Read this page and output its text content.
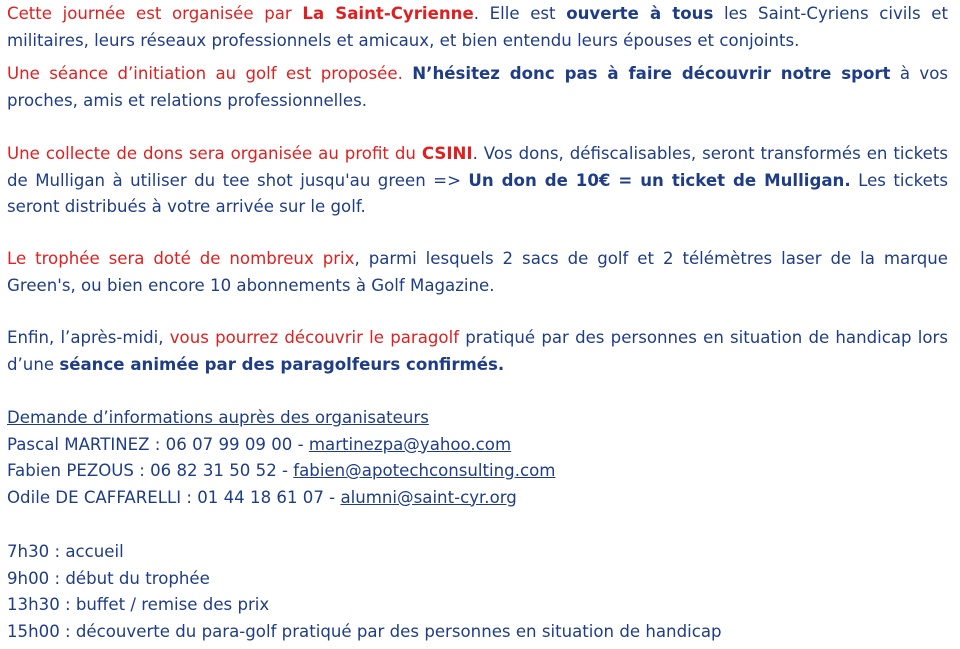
Cette journée est organisée par La Saint-Cyrienne. Elle est ouverte à tous les Saint-Cyriens civils et militaires, leurs réseaux professionnels et amicaux, et bien entendu leurs épouses et conjoints.

Une séance d’initiation au golf est proposée. N’hésitez donc pas à faire découvrir notre sport à vos proches, amis et relations professionnelles.

Une collecte de dons sera organisée au profit du CSINI. Vos dons, défiscalisables, seront transformés en tickets de Mulligan à utiliser du tee shot jusqu'au green => Un don de 10€ = un ticket de Mulligan. Les tickets seront distribués à votre arrivée sur le golf.

Le trophée sera doté de nombreux prix, parmi lesquels 2 sacs de golf et 2 télémètres laser de la marque Green's, ou bien encore 10 abonnements à Golf Magazine.

Enfin, l’après-midi, vous pourrez découvrir le paragolf pratiqué par des personnes en situation de handicap lors d’une séance animée par des paragolfeurs confirmés.

Demande d’informations auprès des organisateurs
Pascal MARTINEZ : 06 07 99 09 00 - martinezpa@yahoo.com
Fabien PEZOUS : 06 82 31 50 52 - fabien@apotechconsulting.com
Odile DE CAFFARELLI : 01 44 18 61 07 - alumni@saint-cyr.org
7h30 : accueil
9h00 : début du trophée
13h30 : buffet / remise des prix
15h00 : découverte du para-golf pratiqué par des personnes en situation de handicap
